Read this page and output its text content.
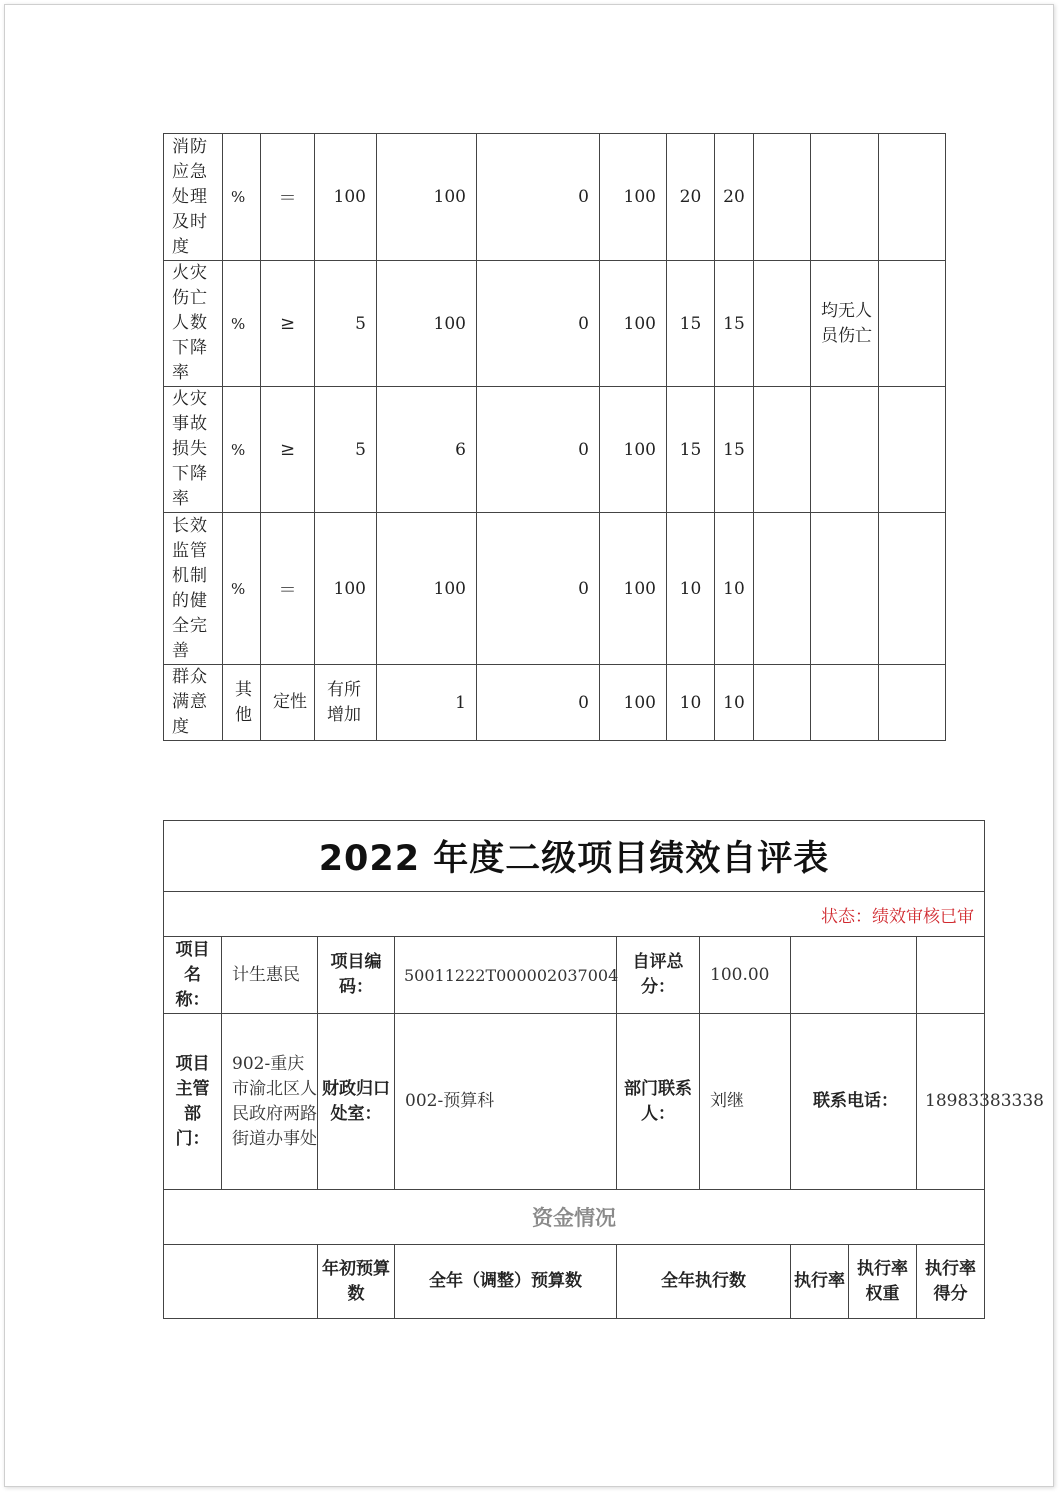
消防应急处理及时度	%	＝	100	100	0	100	20	20			
火灾伤亡人数下降率	%	≥	5	100	0	100	15	15		均无人员伤亡	
火灾事故损失下降率	%	≥	5	6	0	100	15	15			
长效监管机制的健全完善	%	＝	100	100	0	100	10	10			
群众满意度	其他	定性	有所增加	1	0	100	10	10			
2022 年度二级项目绩效自评表								
状态：绩效审核已审								
项目名称：	计生惠民	项目编码：	50011222T000002037004	自评总分：	100.00			
项目主管部门：	902-重庆市渝北区人民政府两路街道办事处	财政归口处室：	002-预算科	部门联系人：	刘继	联系电话：		18983383338
资金情况								
		年初预算数	全年（调整）预算数	全年执行数		执行率	执行率权重	执行率得分
